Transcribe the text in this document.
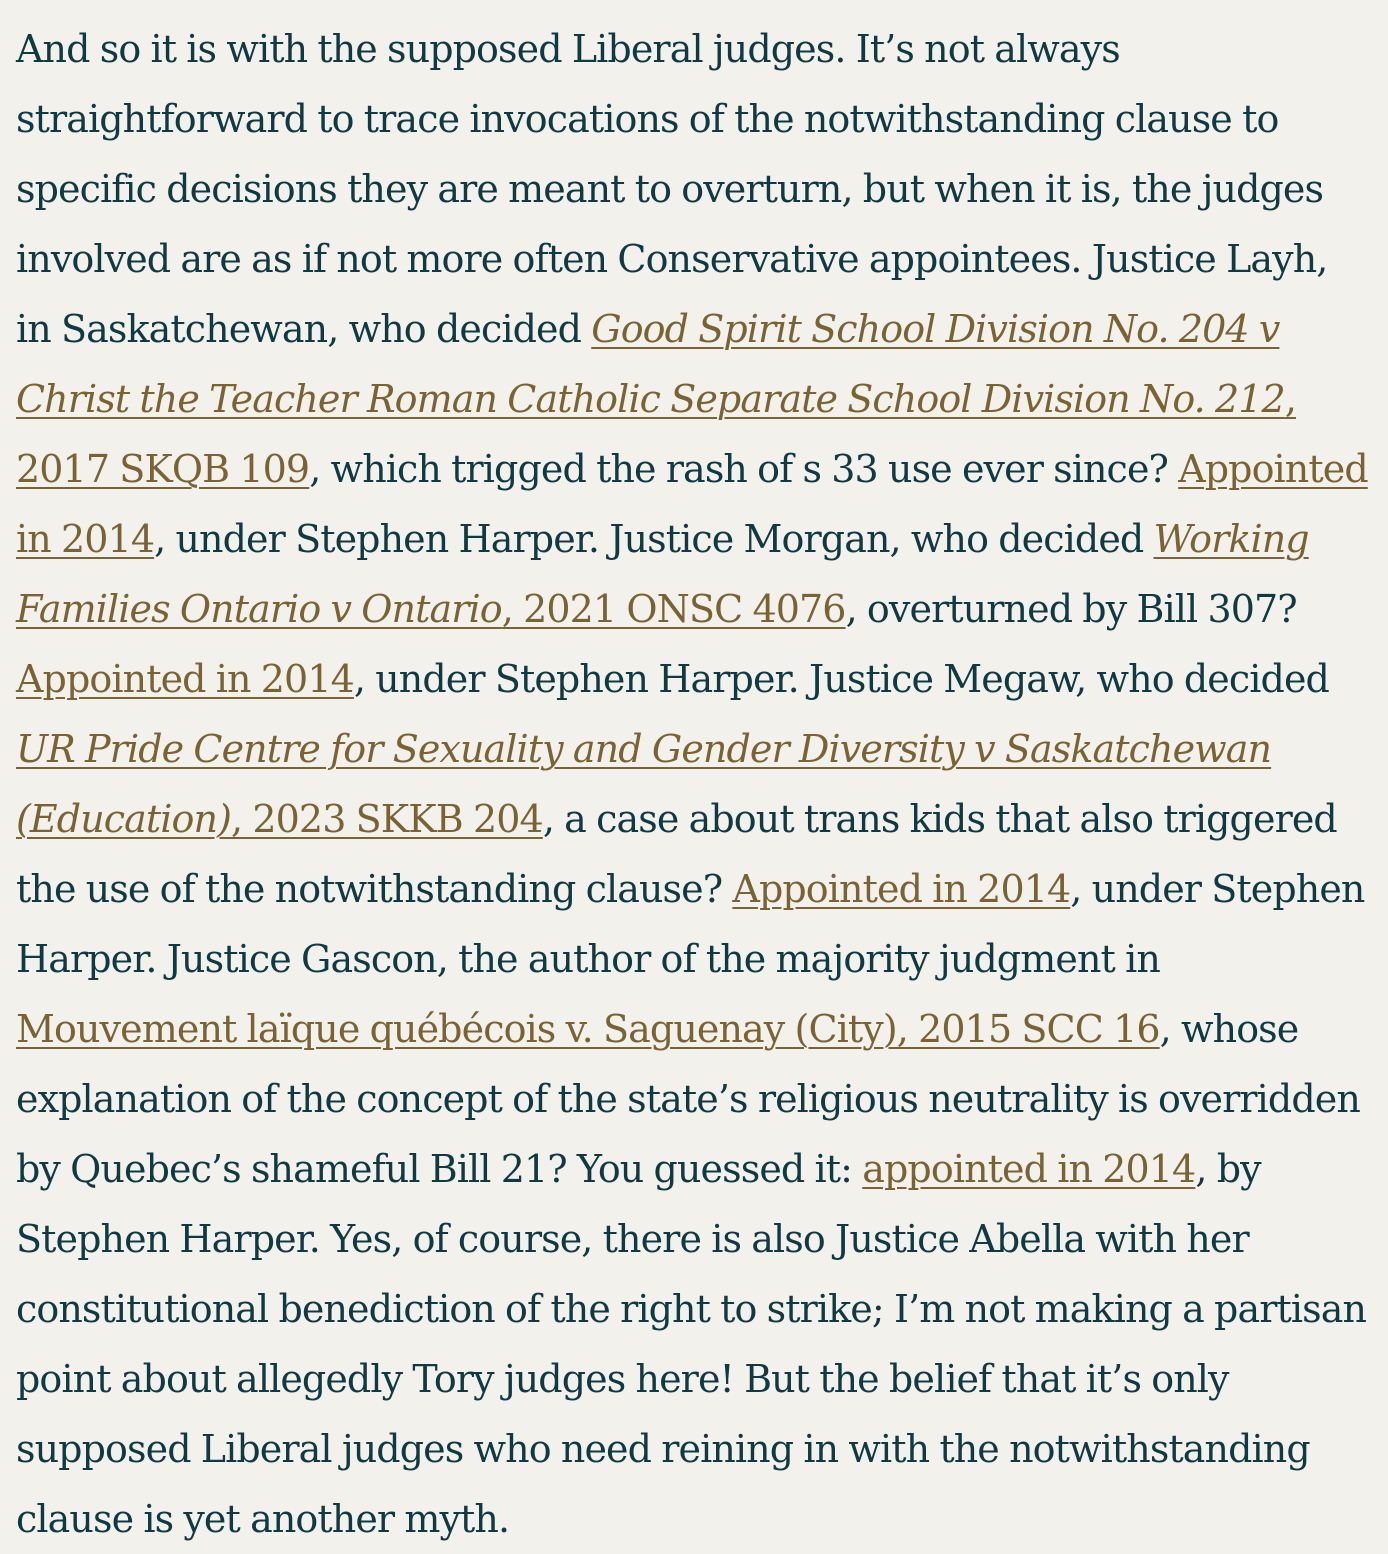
And so it is with the supposed Liberal judges. It’s not always straightforward to trace invocations of the notwithstanding clause to specific decisions they are meant to overturn, but when it is, the judges involved are as if not more often Conservative appointees. Justice Layh, in Saskatchewan, who decided Good Spirit School Division No. 204 v Christ the Teacher Roman Catholic Separate School Division No. 212, 2017 SKQB 109, which trigged the rash of s 33 use ever since? Appointed in 2014, under Stephen Harper. Justice Morgan, who decided Working Families Ontario v Ontario, 2021 ONSC 4076, overturned by Bill 307? Appointed in 2014, under Stephen Harper. Justice Megaw, who decided UR Pride Centre for Sexuality and Gender Diversity v Saskatchewan (Education), 2023 SKKB 204, a case about trans kids that also triggered the use of the notwithstanding clause? Appointed in 2014, under Stephen Harper. Justice Gascon, the author of the majority judgment in Mouvement laïque québécois v. Saguenay (City), 2015 SCC 16, whose explanation of the concept of the state’s religious neutrality is overridden by Quebec’s shameful Bill 21? You guessed it: appointed in 2014, by Stephen Harper. Yes, of course, there is also Justice Abella with her constitutional benediction of the right to strike; I’m not making a partisan point about allegedly Tory judges here! But the belief that it’s only supposed Liberal judges who need reining in with the notwithstanding clause is yet another myth.
